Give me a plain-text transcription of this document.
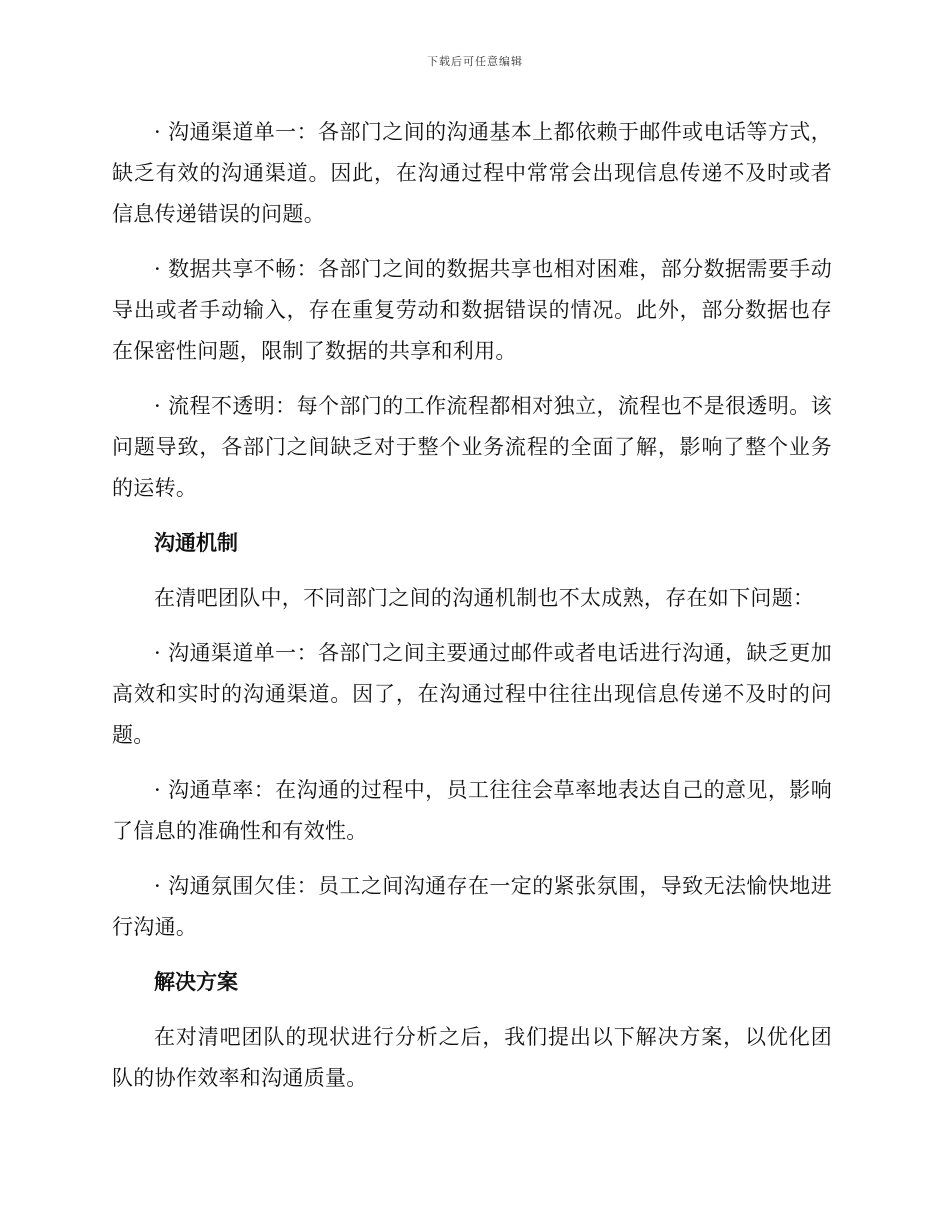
下载后可任意编辑

· 沟通渠道单一：各部门之间的沟通基本上都依赖于邮件或电话等方式，缺乏有效的沟通渠道。因此，在沟通过程中常常会出现信息传递不及时或者信息传递错误的问题。

· 数据共享不畅：各部门之间的数据共享也相对困难，部分数据需要手动导出或者手动输入，存在重复劳动和数据错误的情况。此外，部分数据也存在保密性问题，限制了数据的共享和利用。

· 流程不透明：每个部门的工作流程都相对独立，流程也不是很透明。该问题导致，各部门之间缺乏对于整个业务流程的全面了解，影响了整个业务的运转。

沟通机制

在清吧团队中，不同部门之间的沟通机制也不太成熟，存在如下问题：

· 沟通渠道单一：各部门之间主要通过邮件或者电话进行沟通，缺乏更加高效和实时的沟通渠道。因了，在沟通过程中往往出现信息传递不及时的问题。

· 沟通草率：在沟通的过程中，员工往往会草率地表达自己的意见，影响了信息的准确性和有效性。

· 沟通氛围欠佳：员工之间沟通存在一定的紧张氛围，导致无法愉快地进行沟通。

解决方案

在对清吧团队的现状进行分析之后，我们提出以下解决方案，以优化团队的协作效率和沟通质量。
